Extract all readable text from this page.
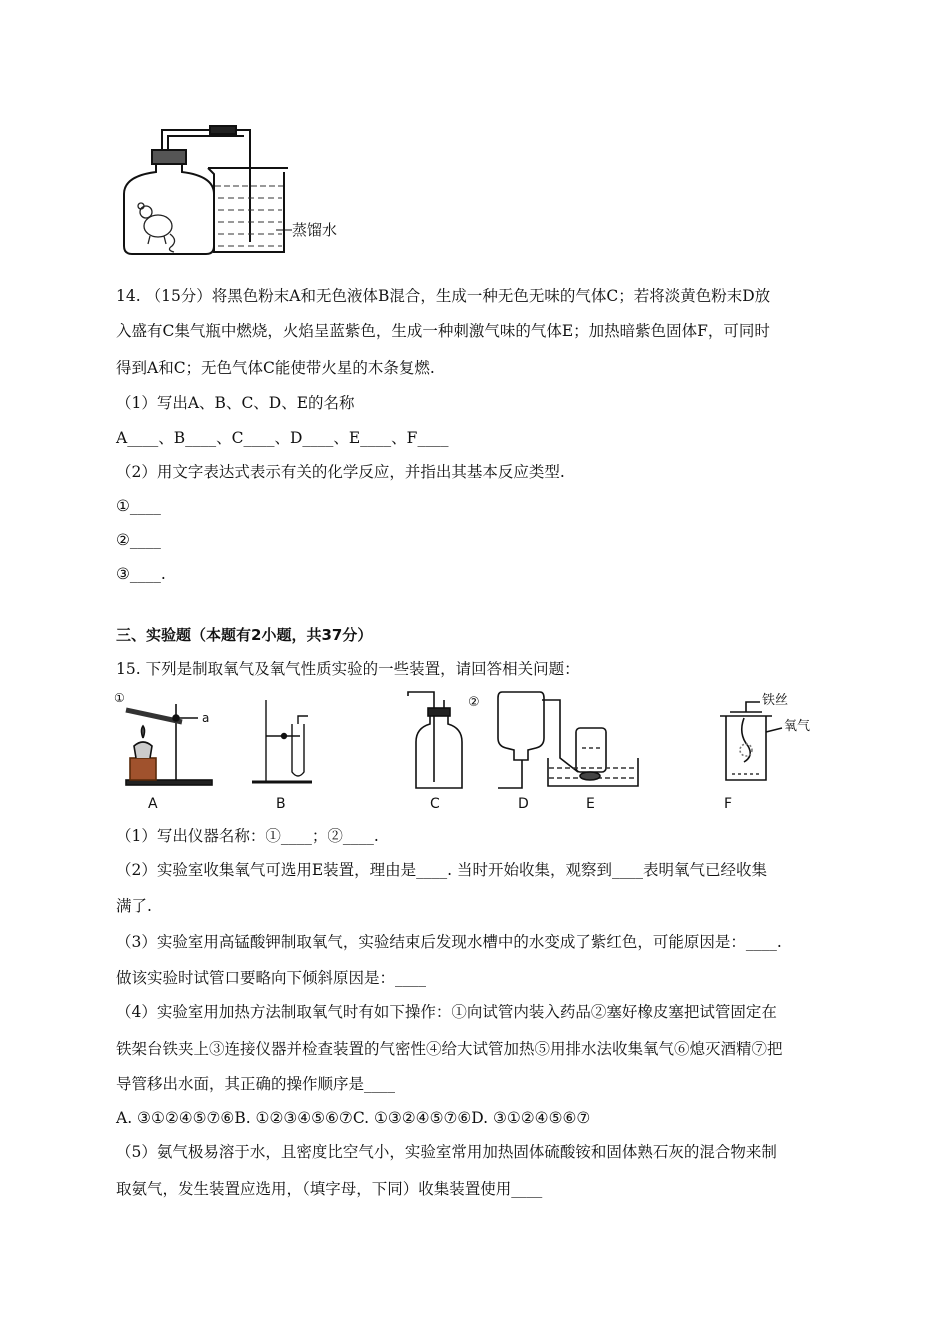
蒸馏水
14. （15分）将黑色粉末A和无色液体B混合，生成一种无色无味的气体C；若将淡黄色粉末D放
入盛有C集气瓶中燃烧，火焰呈蓝紫色，生成一种刺激气味的气体E；加热暗紫色固体F，可同时
得到A和C；无色气体C能使带火星的木条复燃.
（1）写出A、B、C、D、E的名称
A____、B____、C____、D____、E____、F____
（2）用文字表达式表示有关的化学反应，并指出其基本反应类型.
①____
②____
③____.
三、实验题（本题有2小题，共37分）
15. 下列是制取氧气及氧气性质实验的一些装置，请回答相关问题：
①
a
②	铁丝
氧气
A	B	C	D	E	F
（1）写出仪器名称：①____；②____.
（2）实验室收集氧气可选用E装置，理由是____. 当时开始收集，观察到____表明氧气已经收集
满了.
（3）实验室用高锰酸钾制取氧气，实验结束后发现水槽中的水变成了紫红色，可能原因是：____.
做该实验时试管口要略向下倾斜原因是：____
（4）实验室用加热方法制取氧气时有如下操作：①向试管内装入药品②塞好橡皮塞把试管固定在
铁架台铁夹上③连接仪器并检查装置的气密性④给大试管加热⑤用排水法收集氧气⑥熄灭酒精⑦把
导管移出水面，其正确的操作顺序是____
A. ③①②④⑤⑦⑥B. ①②③④⑤⑥⑦C. ①③②④⑤⑦⑥D. ③①②④⑤⑥⑦
（5）氨气极易溶于水，且密度比空气小，实验室常用加热固体硫酸铵和固体熟石灰的混合物来制
取氨气，发生装置应选用，（填字母，下同）收集装置使用____
